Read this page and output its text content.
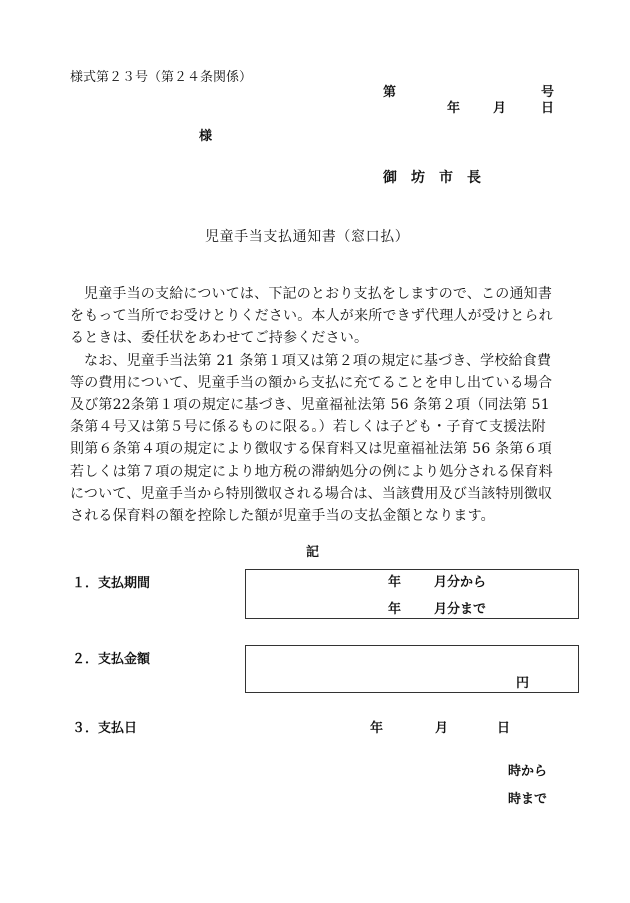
様式第２３号（第２４条関係）
第	号
年	月	日
様
御　坊　市　長
児童手当支払通知書（窓口払）

児童手当の支給については、下記のとおり支払をしますので、この通知書をもって当所でお受けとりください。本人が来所できず代理人が受けとられるときは、委任状をあわせてご持参ください。

なお、児童手当法第 21 条第１項又は第２項の規定に基づき、学校給食費等の費用について、児童手当の額から支払に充てることを申し出ている場合及び第22条第１項の規定に基づき、児童福祉法第 56 条第２項（同法第 51 条第４号又は第５号に係るものに限る。）若しくは子ども・子育て支援法附則第６条第４項の規定により徴収する保育料又は児童福祉法第 56 条第６項若しくは第７項の規定により地方税の滞納処分の例により処分される保育料について、児童手当から特別徴収される場合は、当該費用及び当該特別徴収される保育料の額を控除した額が児童手当の支払金額となります。

記
１．支払期間	年	月分から
年	月分まで
２．支払金額
円
３．支払日	年	月	日
時から
時まで
